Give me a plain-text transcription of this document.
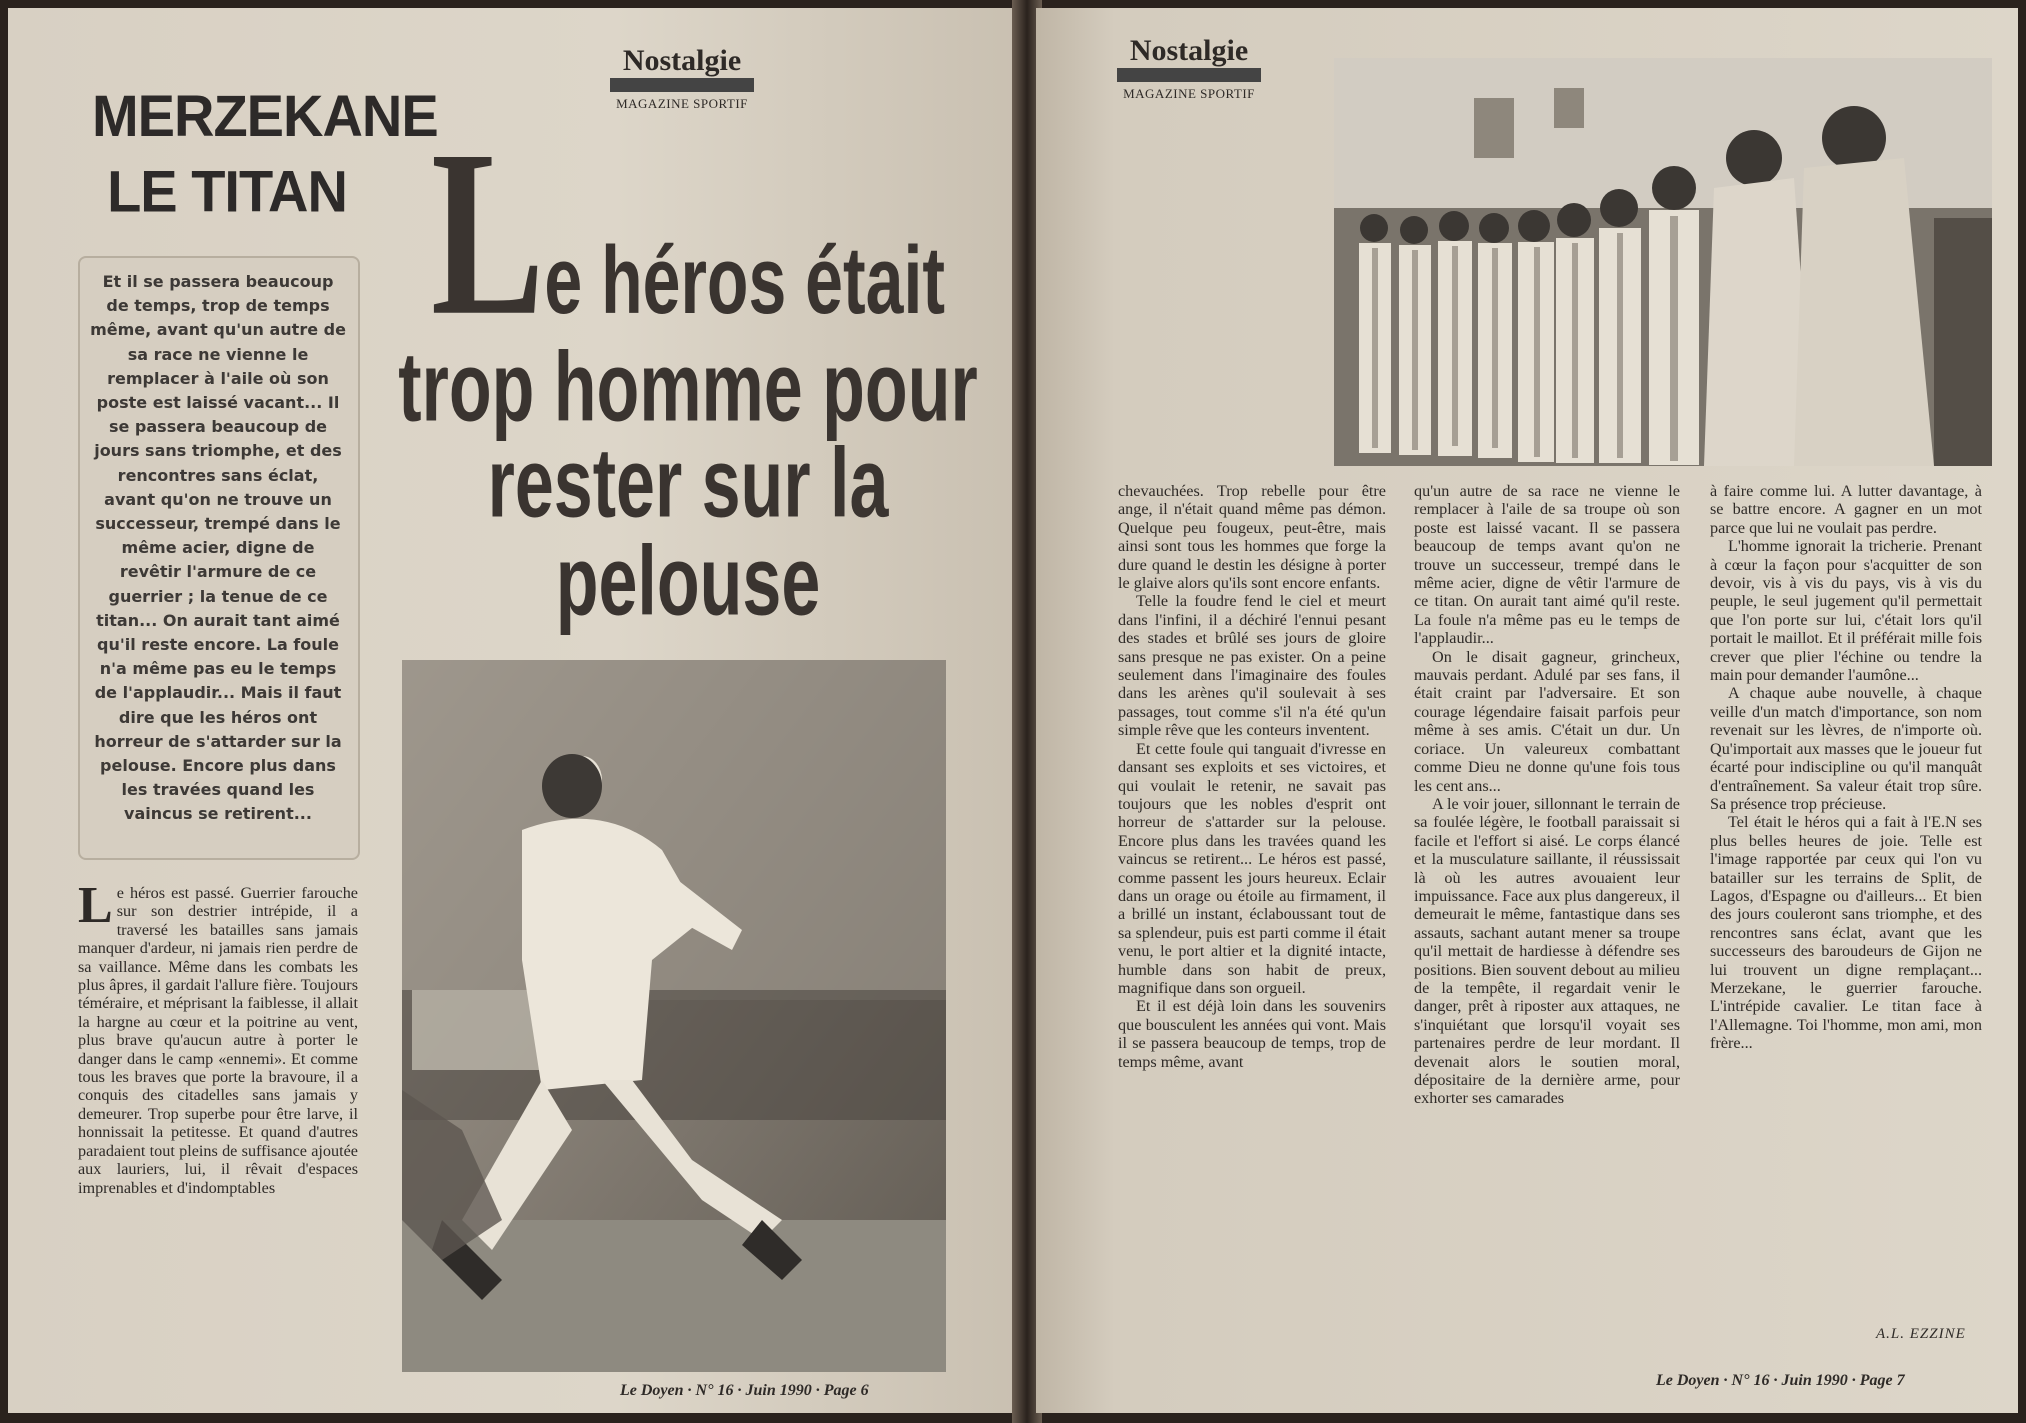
Nostalgie
MAGAZINE SPORTIF
MERZEKANE
LE TITAN
Et il se passera beaucoup de temps, trop de temps même, avant qu'un autre de sa race ne vienne le remplacer à l'aile où son poste est laissé vacant... Il se passera beaucoup de jours sans triomphe, et des rencontres sans éclat, avant qu'on ne trouve un successeur, trempé dans le même acier, digne de revêtir l'armure de ce guerrier ; la tenue de ce titan... On aurait tant aimé qu'il reste encore. La foule n'a même pas eu le temps de l'applaudir... Mais il faut dire que les héros ont horreur de s'attarder sur la pelouse. Encore plus dans les travées quand les vaincus se retirent...
Le héros était
trop homme pour
rester sur la pelouse

Le héros est passé. Guerrier farouche sur son destrier intrépide, il a traversé les batailles sans jamais manquer d'ardeur, ni jamais rien perdre de sa vaillance. Même dans les combats les plus âpres, il gardait l'allure fière. Toujours téméraire, et méprisant la faiblesse, il allait la hargne au cœur et la poitrine au vent, plus brave qu'aucun autre à porter le danger dans le camp «ennemi». Et comme tous les braves que porte la bravoure, il a conquis des citadelles sans jamais y demeurer. Trop superbe pour être larve, il honnissait la petitesse. Et quand d'autres paradaient tout pleins de suffisance ajoutée aux lauriers, lui, il rêvait d'espaces imprenables et d'indomptables

Le Doyen · N° 16 · Juin 1990 · Page 6
Nostalgie
MAGAZINE SPORTIF

chevauchées. Trop rebelle pour être ange, il n'était quand même pas démon. Quelque peu fougeux, peut-être, mais ainsi sont tous les hommes que forge la dure quand le destin les désigne à porter le glaive alors qu'ils sont encore enfants.

Telle la foudre fend le ciel et meurt dans l'infini, il a déchiré l'ennui pesant des stades et brûlé ses jours de gloire sans presque ne pas exister. On a peine seulement dans l'imaginaire des foules dans les arènes qu'il soulevait à ses passages, tout comme s'il n'a été qu'un simple rêve que les conteurs inventent.

Et cette foule qui tanguait d'ivresse en dansant ses exploits et ses victoires, et qui voulait le retenir, ne savait pas toujours que les nobles d'esprit ont horreur de s'attarder sur la pelouse. Encore plus dans les travées quand les vaincus se retirent... Le héros est passé, comme passent les jours heureux. Eclair dans un orage ou étoile au firmament, il a brillé un instant, éclaboussant tout de sa splendeur, puis est parti comme il était venu, le port altier et la dignité intacte, humble dans son habit de preux, magnifique dans son orgueil.

Et il est déjà loin dans les souvenirs que bousculent les années qui vont. Mais il se passera beaucoup de temps, trop de temps même, avant

qu'un autre de sa race ne vienne le remplacer à l'aile de sa troupe où son poste est laissé vacant. Il se passera beaucoup de temps avant qu'on ne trouve un successeur, trempé dans le même acier, digne de vêtir l'armure de ce titan. On aurait tant aimé qu'il reste. La foule n'a même pas eu le temps de l'applaudir...

On le disait gagneur, grincheux, mauvais perdant. Adulé par ses fans, il était craint par l'adversaire. Et son courage légendaire faisait parfois peur même à ses amis. C'était un dur. Un coriace. Un valeureux combattant comme Dieu ne donne qu'une fois tous les cent ans...

A le voir jouer, sillonnant le terrain de sa foulée légère, le football paraissait si facile et l'effort si aisé. Le corps élancé et la musculature saillante, il réussissait là où les autres avouaient leur impuissance. Face aux plus dangereux, il demeurait le même, fantastique dans ses assauts, sachant autant mener sa troupe qu'il mettait de hardiesse à défendre ses positions. Bien souvent debout au milieu de la tempête, il regardait venir le danger, prêt à riposter aux attaques, ne s'inquiétant que lorsqu'il voyait ses partenaires perdre de leur mordant. Il devenait alors le soutien moral, dépositaire de la dernière arme, pour exhorter ses camarades

à faire comme lui. A lutter davantage, à se battre encore. A gagner en un mot parce que lui ne voulait pas perdre.

L'homme ignorait la tricherie. Prenant à cœur la façon pour s'acquitter de son devoir, vis à vis du pays, vis à vis du peuple, le seul jugement qu'il permettait que l'on porte sur lui, c'était lors qu'il portait le maillot. Et il préférait mille fois crever que plier l'échine ou tendre la main pour demander l'aumône...

A chaque aube nouvelle, à chaque veille d'un match d'importance, son nom revenait sur les lèvres, de n'importe où. Qu'importait aux masses que le joueur fut écarté pour indiscipline ou qu'il manquât d'entraînement. Sa valeur était trop sûre. Sa présence trop précieuse.

Tel était le héros qui a fait à l'E.N ses plus belles heures de joie. Telle est l'image rapportée par ceux qui l'on vu batailler sur les terrains de Split, de Lagos, d'Espagne ou d'ailleurs... Et bien des jours couleront sans triomphe, et des rencontres sans éclat, avant que les successeurs des baroudeurs de Gijon ne lui trouvent un digne remplaçant... Merzekane, le guerrier farouche. L'intrépide cavalier. Le titan face à l'Allemagne. Toi l'homme, mon ami, mon frère...

A.L. EZZINE
Le Doyen · N° 16 · Juin 1990 · Page 7
